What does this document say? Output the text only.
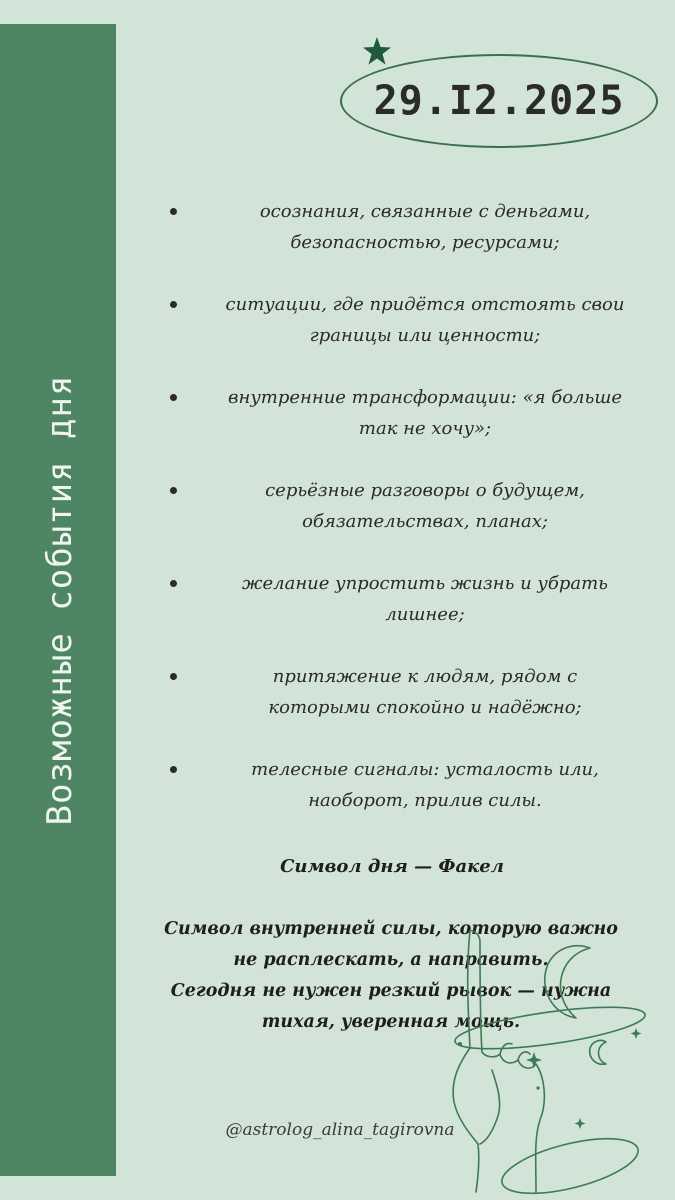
Возможные события дня
29.I2.2025
осознания, связанные с деньгами,
безопасностью, ресурсами;
ситуации, где придётся отстоять свои
границы или ценности;
внутренние трансформации: «я больше
так не хочу»;
серьёзные разговоры о будущем,
обязательствах, планах;
желание упростить жизнь и убрать
лишнее;
притяжение к людям, рядом с
которыми спокойно и надёжно;
телесные сигналы: усталость или,
наоборот, прилив силы.
Символ дня — Факел
Символ внутренней силы, которую важно
не расплескать, а направить.
Сегодня не нужен резкий рывок — нужна
тихая, уверенная мощь.
@astrolog_alina_tagirovna
